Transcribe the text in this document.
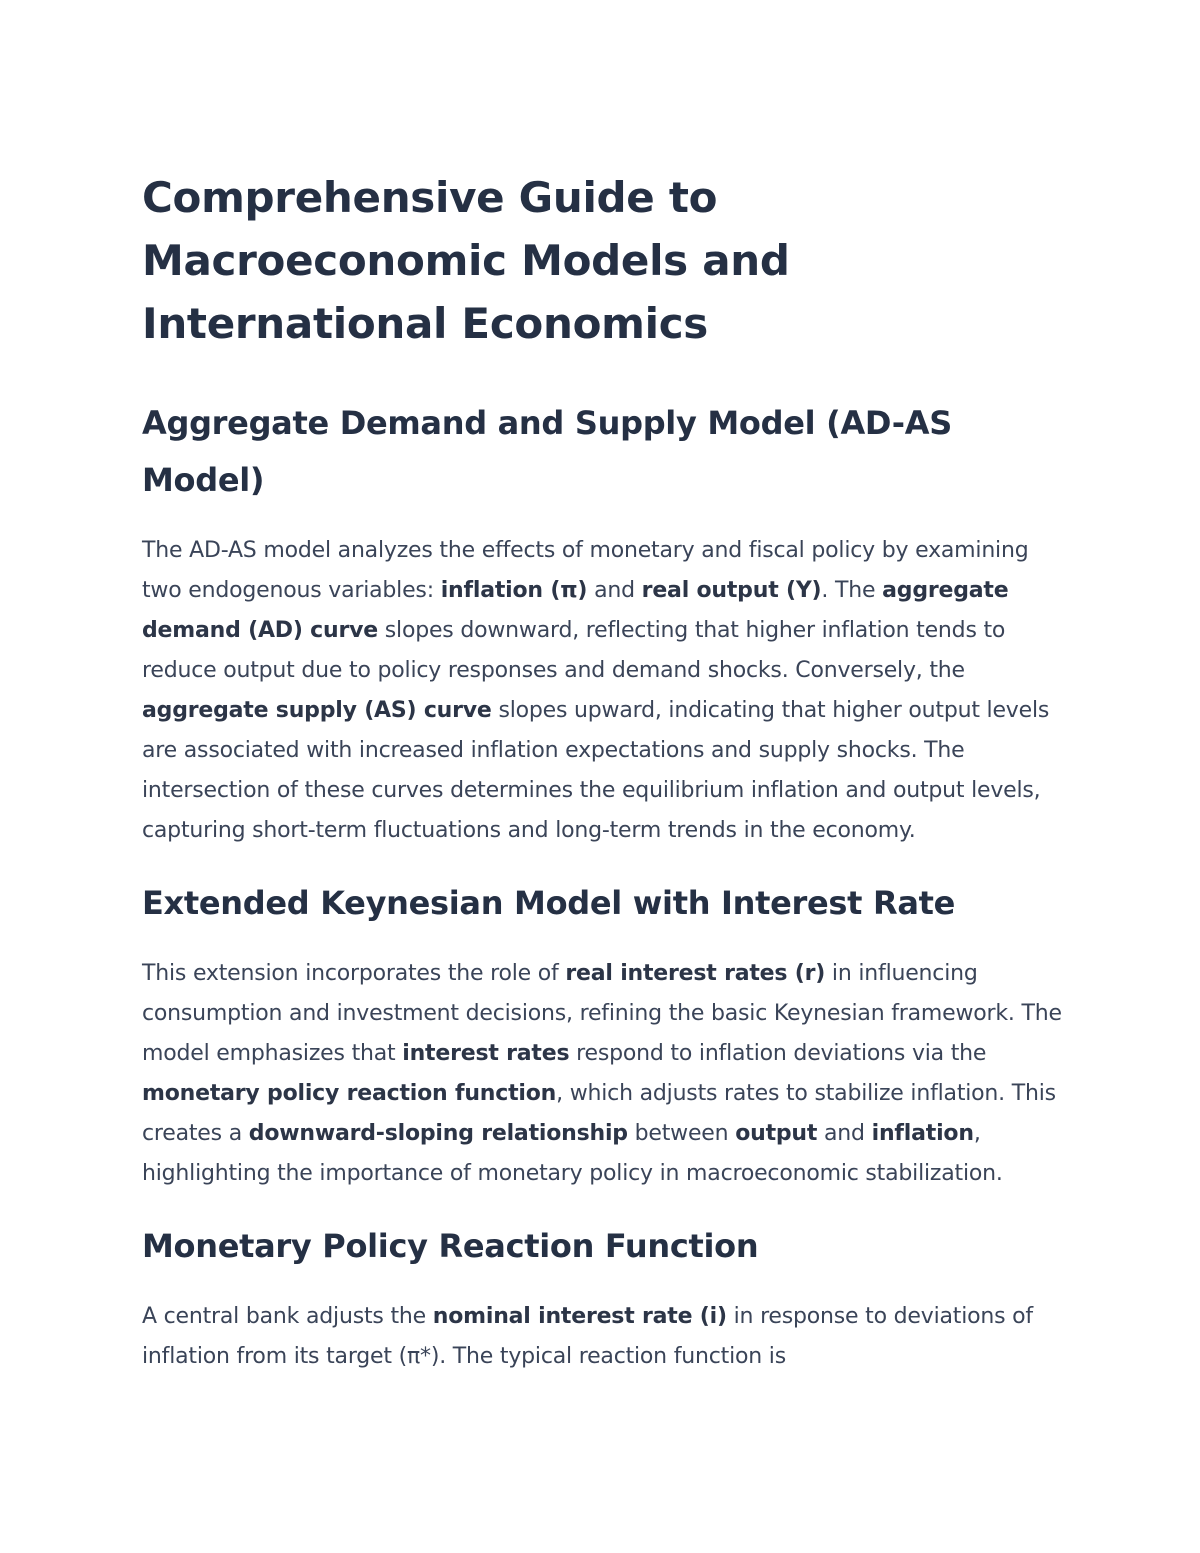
Comprehensive Guide to Macroeconomic Models and International Economics
Aggregate Demand and Supply Model (AD-AS Model)

The AD-AS model analyzes the effects of monetary and fiscal policy by examining two endogenous variables: inflation (π) and real output (Y). The aggregate demand (AD) curve slopes downward, reflecting that higher inflation tends to reduce output due to policy responses and demand shocks. Conversely, the aggregate supply (AS) curve slopes upward, indicating that higher output levels are associated with increased inflation expectations and supply shocks. The intersection of these curves determines the equilibrium inflation and output levels, capturing short-term fluctuations and long-term trends in the economy.

Extended Keynesian Model with Interest Rate

This extension incorporates the role of real interest rates (r) in influencing consumption and investment decisions, refining the basic Keynesian framework. The model emphasizes that interest rates respond to inflation deviations via the monetary policy reaction function, which adjusts rates to stabilize inflation. This creates a downward-sloping relationship between output and inflation, highlighting the importance of monetary policy in macroeconomic stabilization.

Monetary Policy Reaction Function

A central bank adjusts the nominal interest rate (i) in response to deviations of inflation from its target (π*). The typical reaction function is
